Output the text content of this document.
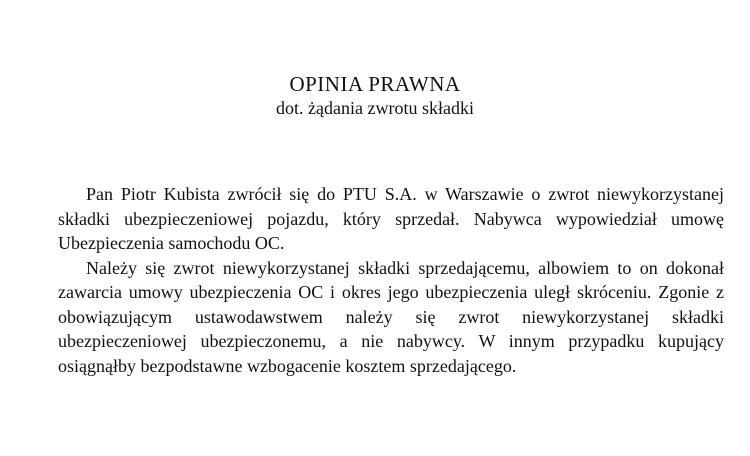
OPINIA PRAWNA
dot. żądania zwrotu składki

Pan Piotr Kubista zwrócił się do PTU S.A. w Warszawie o zwrot niewykorzystanej składki ubezpieczeniowej pojazdu, który sprzedał. Nabywca wypowiedział umowę Ubezpieczenia samochodu OC.

Należy się zwrot niewykorzystanej składki sprzedającemu, albowiem to on dokonał zawarcia umowy ubezpieczenia OC i okres jego ubezpieczenia uległ skróceniu. Zgonie z obowiązującym ustawodawstwem należy się zwrot niewykorzystanej składki ubezpieczeniowej ubezpieczonemu, a nie nabywcy. W innym przypadku kupujący osiągnąłby bezpodstawne wzbogacenie kosztem sprzedającego.
